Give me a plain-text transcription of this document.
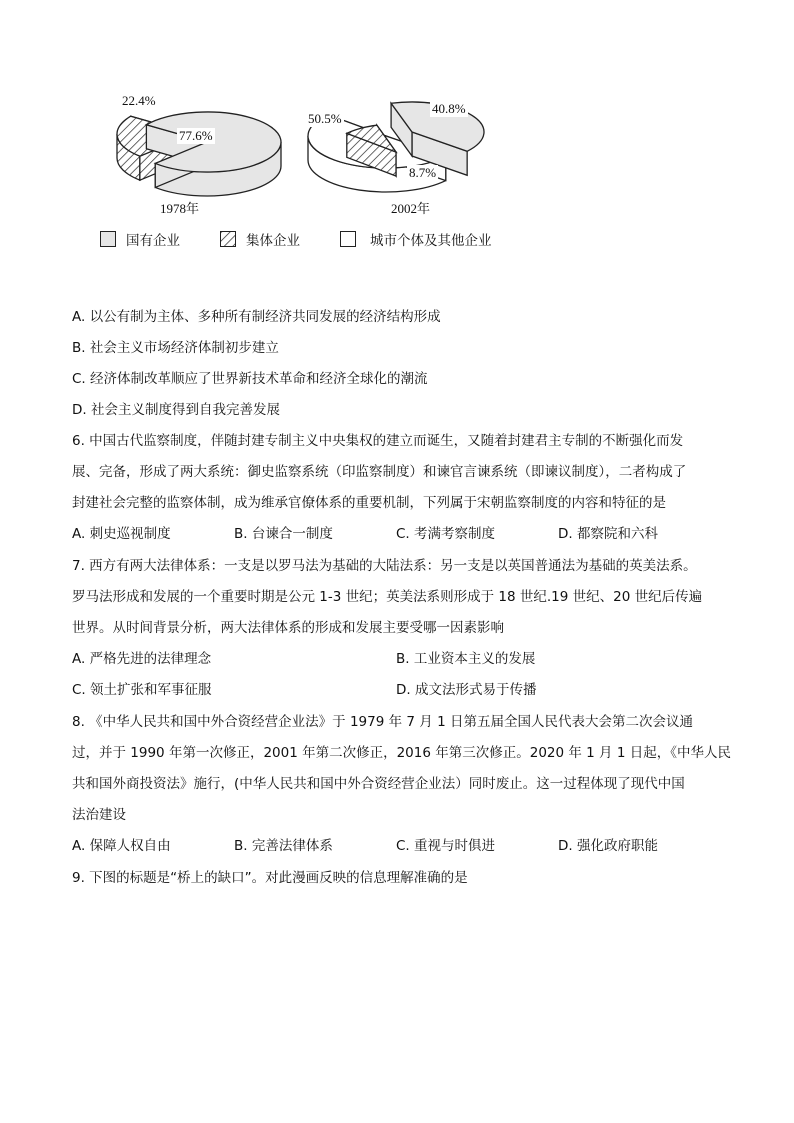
22.4%
77.6%
50.5%
40.8%
8.7%
1978年	2002年
国有企业	集体企业	城市个体及其他企业
A. 以公有制为主体、多种所有制经济共同发展的经济结构形成
B. 社会主义市场经济体制初步建立
C. 经济体制改革顺应了世界新技术革命和经济全球化的潮流
D. 社会主义制度得到自我完善发展
6. 中国古代监察制度，伴随封建专制主义中央集权的建立而诞生，又随着封建君主专制的不断强化而发
展、完备，形成了两大系统：御史监察系统（印监察制度）和谏官言谏系统（即谏议制度），二者构成了
封建社会完整的监察体制，成为维承官僚体系的重要机制，下列属于宋朝监察制度的内容和特征的是
A. 刺史巡视制度	B. 台谏合一制度	C. 考满考察制度	D. 都察院和六科
7. 西方有两大法律体系：一支是以罗马法为基础的大陆法系：另一支是以英国普通法为基础的英美法系。
罗马法形成和发展的一个重要时期是公元 1-3 世纪；英美法系则形成于 18 世纪.19 世纪、20 世纪后传遍
世界。从时间背景分析，两大法律体系的形成和发展主要受哪一因素影响
A. 严格先进的法律理念	B. 工业资本主义的发展
C. 领土扩张和军事征服	D. 成文法形式易于传播
8. 《中华人民共和国中外合资经营企业法》于 1979 年 7 月 1 日第五届全国人民代表大会第二次会议通
过，并于 1990 年第一次修正，2001 年第二次修正，2016 年第三次修正。2020 年 1 月 1 日起，《中华人民
共和国外商投资法》施行，(中华人民共和国中外合资经营企业法）同时废止。这一过程体现了现代中国
法治建设
A. 保障人权自由	B. 完善法律体系	C. 重视与时俱进	D. 强化政府职能
9. 下图的标题是“桥上的缺口”。对此漫画反映的信息理解准确的是
